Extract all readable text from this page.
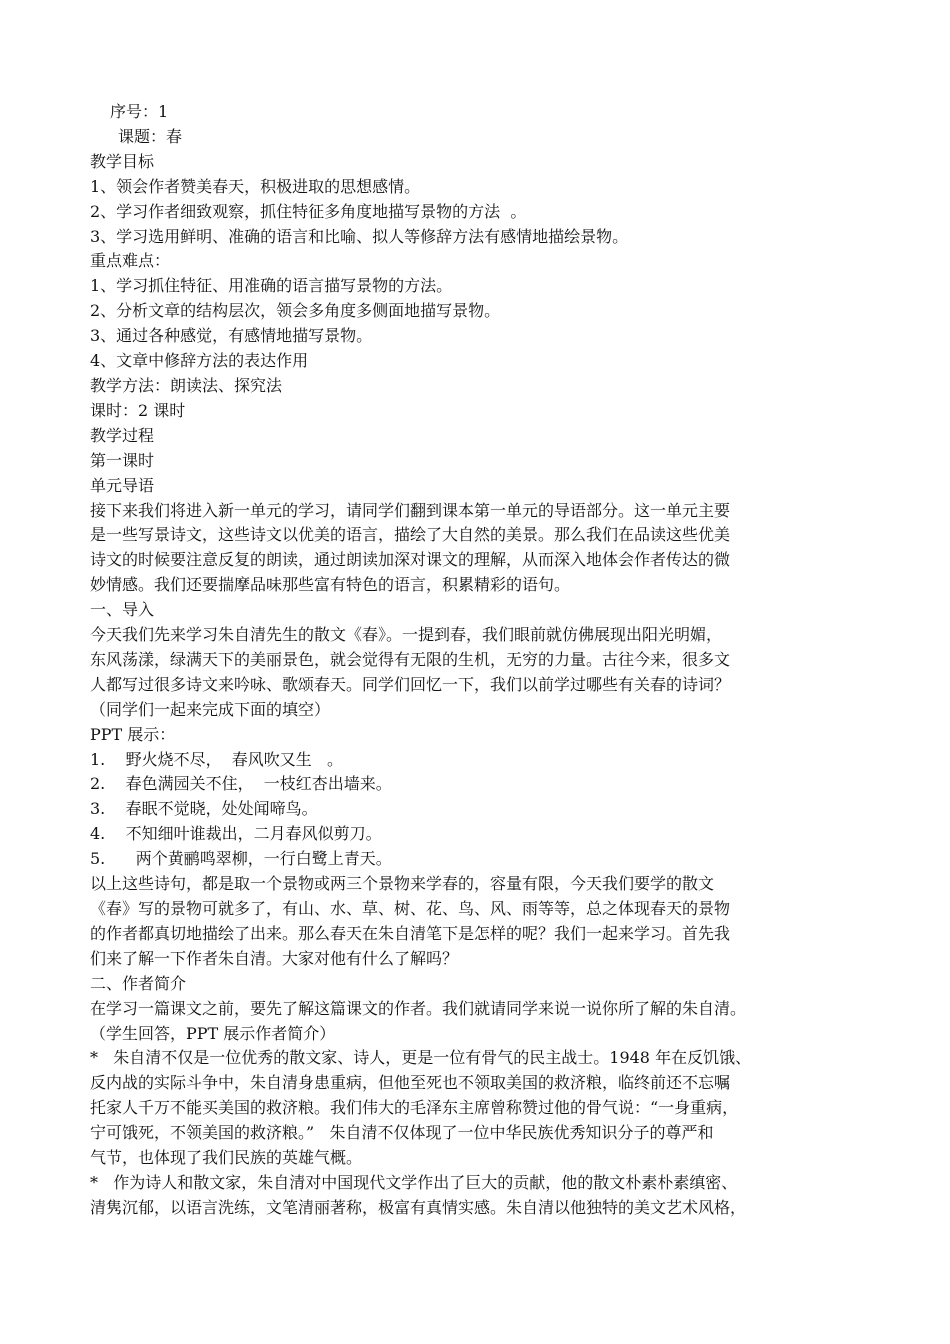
序号：1
课题：春
教学目标
1、领会作者赞美春天，积极进取的思想感情。
2、学习作者细致观察，抓住特征多角度地描写景物的方法  。
3、学习选用鲜明、准确的语言和比喻、拟人等修辞方法有感情地描绘景物。
重点难点：
1、学习抓住特征、用准确的语言描写景物的方法。
2、分析文章的结构层次，领会多角度多侧面地描写景物。
3、通过各种感觉，有感情地描写景物。
4、文章中修辞方法的表达作用
教学方法：朗读法、探究法
课时：2 课时
教学过程
第一课时
单元导语
接下来我们将进入新一单元的学习，请同学们翻到课本第一单元的导语部分。这一单元主要
是一些写景诗文，这些诗文以优美的语言，描绘了大自然的美景。那么我们在品读这些优美
诗文的时候要注意反复的朗读，通过朗读加深对课文的理解，从而深入地体会作者传达的微
妙情感。我们还要揣摩品味那些富有特色的语言，积累精彩的语句。
一、导入
今天我们先来学习朱自清先生的散文《春》。一提到春，我们眼前就仿佛展现出阳光明媚，
东风荡漾，绿满天下的美丽景色，就会觉得有无限的生机，无穷的力量。古往今来，很多文
人都写过很多诗文来吟咏、歌颂春天。同学们回忆一下，我们以前学过哪些有关春的诗词？
（同学们一起来完成下面的填空）
PPT 展示：
1.    野火烧不尽，  春风吹又生   。
2.    春色满园关不住，  一枝红杏出墙来。
3.    春眠不觉晓，处处闻啼鸟。
4.    不知细叶谁裁出，二月春风似剪刀。
5.      两个黄鹂鸣翠柳，一行白鹭上青天。
以上这些诗句，都是取一个景物或两三个景物来学春的，容量有限，今天我们要学的散文
《春》写的景物可就多了，有山、水、草、树、花、鸟、风、雨等等，总之体现春天的景物
的作者都真切地描绘了出来。那么春天在朱自清笔下是怎样的呢？我们一起来学习。首先我
们来了解一下作者朱自清。大家对他有什么了解吗？
二、作者简介
在学习一篇课文之前，要先了解这篇课文的作者。我们就请同学来说一说你所了解的朱自清。
（学生回答，PPT 展示作者简介）
*   朱自清不仅是一位优秀的散文家、诗人，更是一位有骨气的民主战士。1948 年在反饥饿、
反内战的实际斗争中，朱自清身患重病，但他至死也不领取美国的救济粮，临终前还不忘嘱
托家人千万不能买美国的救济粮。我们伟大的毛泽东主席曾称赞过他的骨气说：“一身重病，
宁可饿死，不领美国的救济粮。”   朱自清不仅体现了一位中华民族优秀知识分子的尊严和
气节，也体现了我们民族的英雄气概。
*   作为诗人和散文家，朱自清对中国现代文学作出了巨大的贡献，他的散文朴素朴素缜密、
清隽沉郁，以语言洗练，文笔清丽著称，极富有真情实感。朱自清以他独特的美文艺术风格，
